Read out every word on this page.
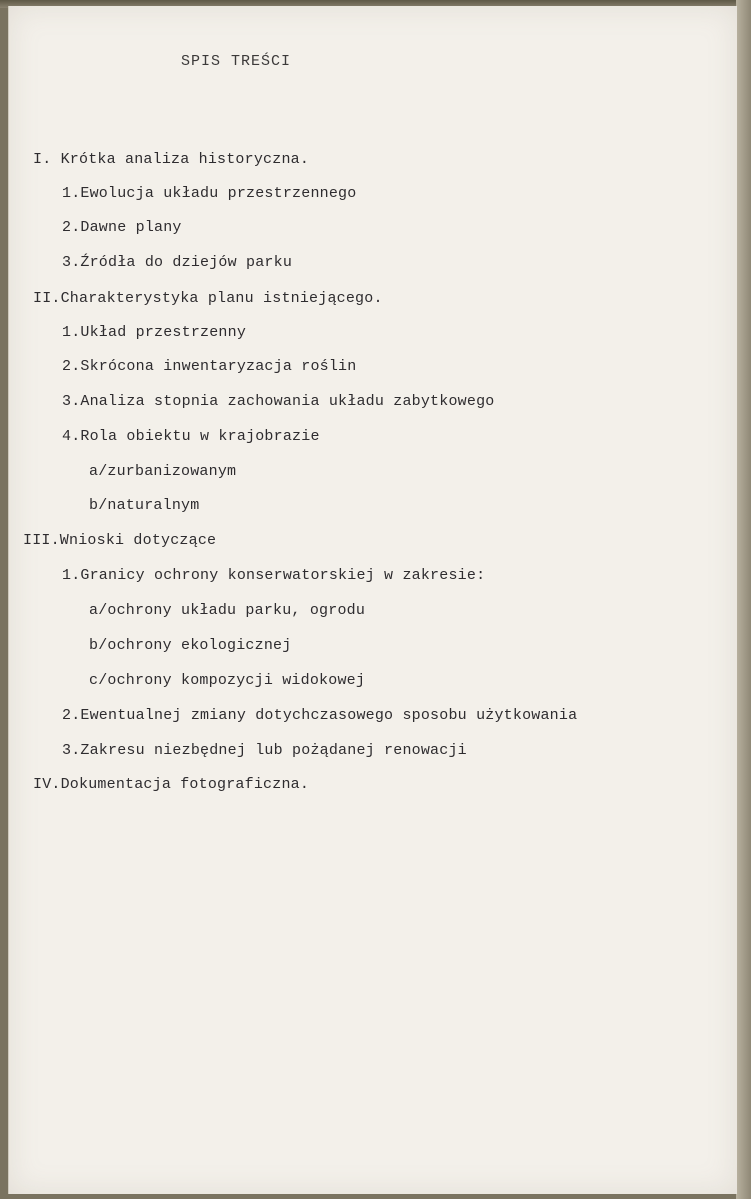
SPIS TREŚCI
I. Krótka analiza historyczna.
1.Ewolucja układu przestrzennego
2.Dawne plany
3.Źródła do dziejów parku
II.Charakterystyka planu istniejącego.
1.Układ przestrzenny
2.Skrócona inwentaryzacja roślin
3.Analiza stopnia zachowania układu zabytkowego
4.Rola obiektu w krajobrazie
a/zurbanizowanym
b/naturalnym
III.Wnioski dotyczące
1.Granicy ochrony konserwatorskiej w zakresie:
a/ochrony układu parku, ogrodu
b/ochrony ekologicznej
c/ochrony kompozycji widokowej
2.Ewentualnej zmiany dotychczasowego sposobu użytkowania
3.Zakresu niezbędnej lub pożądanej renowacji
IV.Dokumentacja fotograficzna.
